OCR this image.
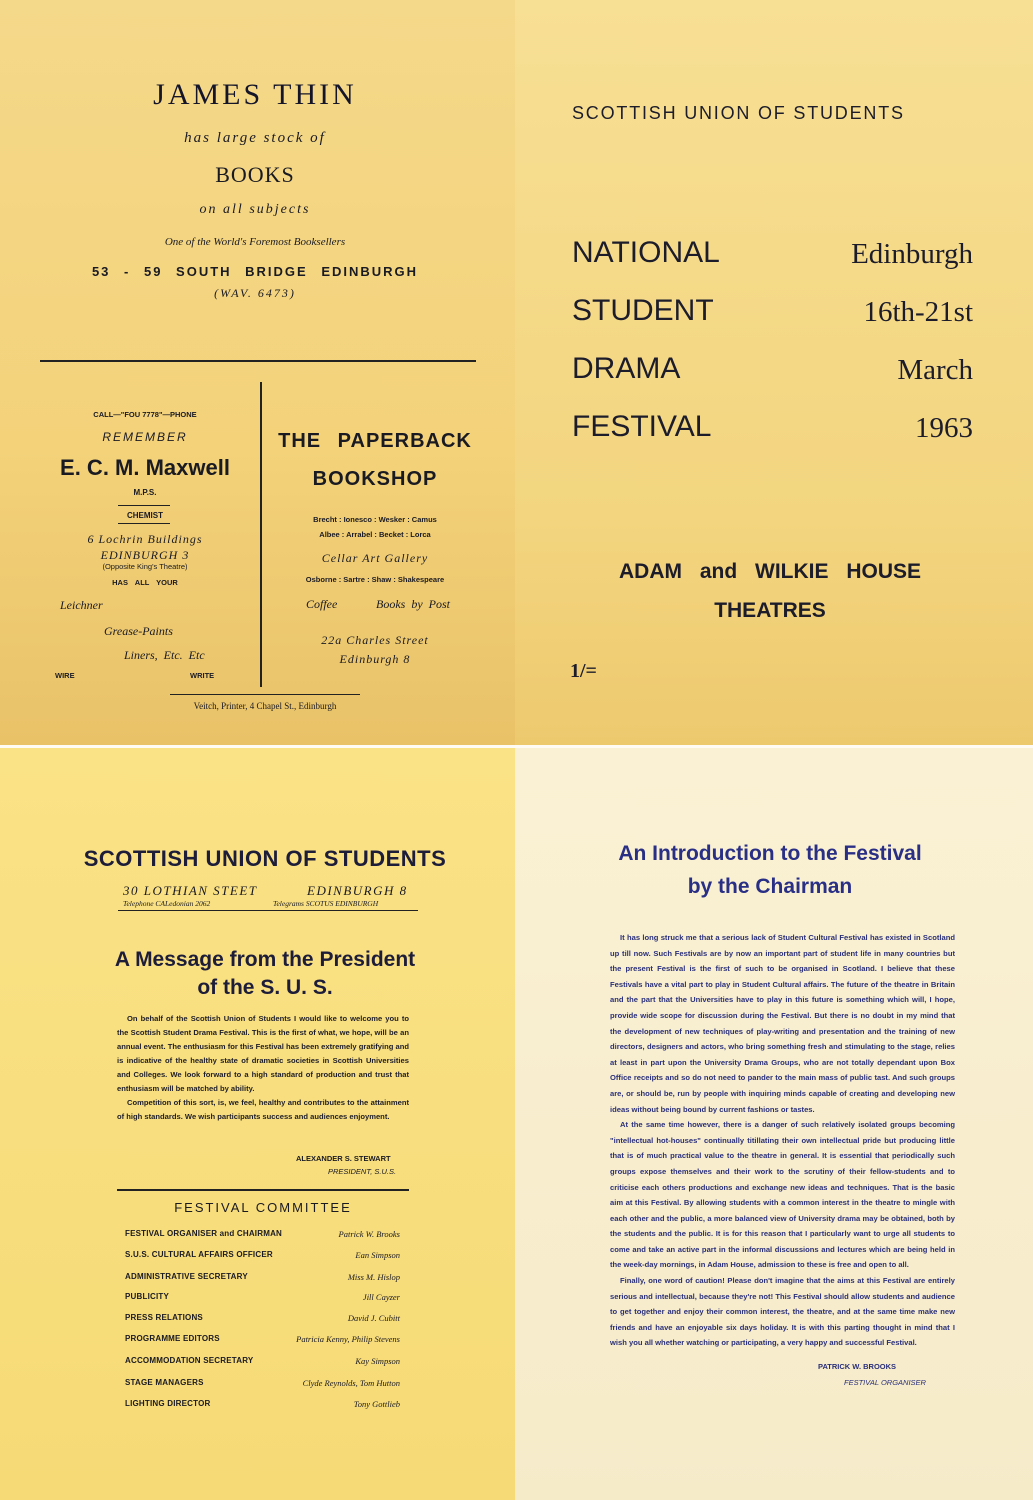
JAMES THIN
has large stock of
BOOKS
on all subjects
One of the World's Foremost Booksellers
53 - 59 SOUTH BRIDGE EDINBURGH
(WAV. 6473)
CALL—"FOU 7778"—PHONE
REMEMBER
E. C. M. Maxwell
M.P.S.
CHEMIST
6 Lochrin Buildings
EDINBURGH 3
(Opposite King's Theatre)
HAS ALL YOUR
Leichner
Grease-Paints
Liners, Etc. Etc
WIRE	WRITE
THE PAPERBACK
BOOKSHOP
Brecht : Ionesco : Wesker : Camus
Albee : Arrabel : Becket : Lorca
Cellar Art Gallery
Osborne : Sartre : Shaw : Shakespeare
Coffee	Books by Post
22a Charles Street
Edinburgh 8
Veitch, Printer, 4 Chapel St., Edinburgh
SCOTTISH UNION OF STUDENTS
NATIONAL
STUDENT
DRAMA
FESTIVAL
Edinburgh
16th-21st
March
1963
ADAM and WILKIE HOUSE
THEATRES
1/=
SCOTTISH UNION OF STUDENTS
30 LOTHIAN STEET	EDINBURGH 8
Telephone CALedonian 2062	Telegrams SCOTUS EDINBURGH
A Message from the President
of the S. U. S.

On behalf of the Scottish Union of Students I would like to welcome you to the Scottish Student Drama Festival. This is the first of what, we hope, will be an annual event. The enthusiasm for this Festival has been extremely gratifying and is indicative of the healthy state of dramatic societies in Scottish Universities and Colleges. We look forward to a high standard of production and trust that enthusiasm will be matched by ability.

Competition of this sort, is, we feel, healthy and contributes to the attainment of high standards. We wish participants success and audiences enjoyment.

ALEXANDER S. STEWART
PRESIDENT, S.U.S.
FESTIVAL COMMITTEE
FESTIVAL ORGANISER and CHAIRMAN	Patrick W. Brooks
S.U.S. CULTURAL AFFAIRS OFFICER	Ean Simpson
ADMINISTRATIVE SECRETARY	Miss M. Hislop
PUBLICITY	Jill Cayzer
PRESS RELATIONS	David J. Cubitt
PROGRAMME EDITORS	Patricia Kenny, Philip Stevens
ACCOMMODATION SECRETARY	Kay Simpson
STAGE MANAGERS	Clyde Reynolds, Tom Hutton
LIGHTING DIRECTOR	Tony Gottlieb
An Introduction to the Festival
by the Chairman

It has long struck me that a serious lack of Student Cultural Festival has existed in Scotland up till now. Such Festivals are by now an important part of student life in many countries but the present Festival is the first of such to be organised in Scotland. I believe that these Festivals have a vital part to play in Student Cultural affairs. The future of the theatre in Britain and the part that the Universities have to play in this future is something which will, I hope, provide wide scope for discussion during the Festival. But there is no doubt in my mind that the development of new techniques of play-writing and presentation and the training of new directors, designers and actors, who bring something fresh and stimulating to the stage, relies at least in part upon the University Drama Groups, who are not totally dependant upon Box Office receipts and so do not need to pander to the main mass of public tast. And such groups are, or should be, run by people with inquiring minds capable of creating and developing new ideas without being bound by current fashions or tastes.

At the same time however, there is a danger of such relatively isolated groups becoming "intellectual hot-houses" continually titillating their own intellectual pride but producing little that is of much practical value to the theatre in general. It is essential that periodically such groups expose themselves and their work to the scrutiny of their fellow-students and to criticise each others productions and exchange new ideas and techniques. That is the basic aim at this Festival. By allowing students with a common interest in the theatre to mingle with each other and the public, a more balanced view of University drama may be obtained, both by the students and the public. It is for this reason that I particularly want to urge all students to come and take an active part in the informal discussions and lectures which are being held in the week-day mornings, in Adam House, admission to these is free and open to all.

Finally, one word of caution! Please don't imagine that the aims at this Festival are entirely serious and intellectual, because they're not! This Festival should allow students and audience to get together and enjoy their common interest, the theatre, and at the same time make new friends and have an enjoyable six days holiday. It is with this parting thought in mind that I wish you all whether watching or participating, a very happy and successful Festival.

PATRICK W. BROOKS
FESTIVAL ORGANISER
